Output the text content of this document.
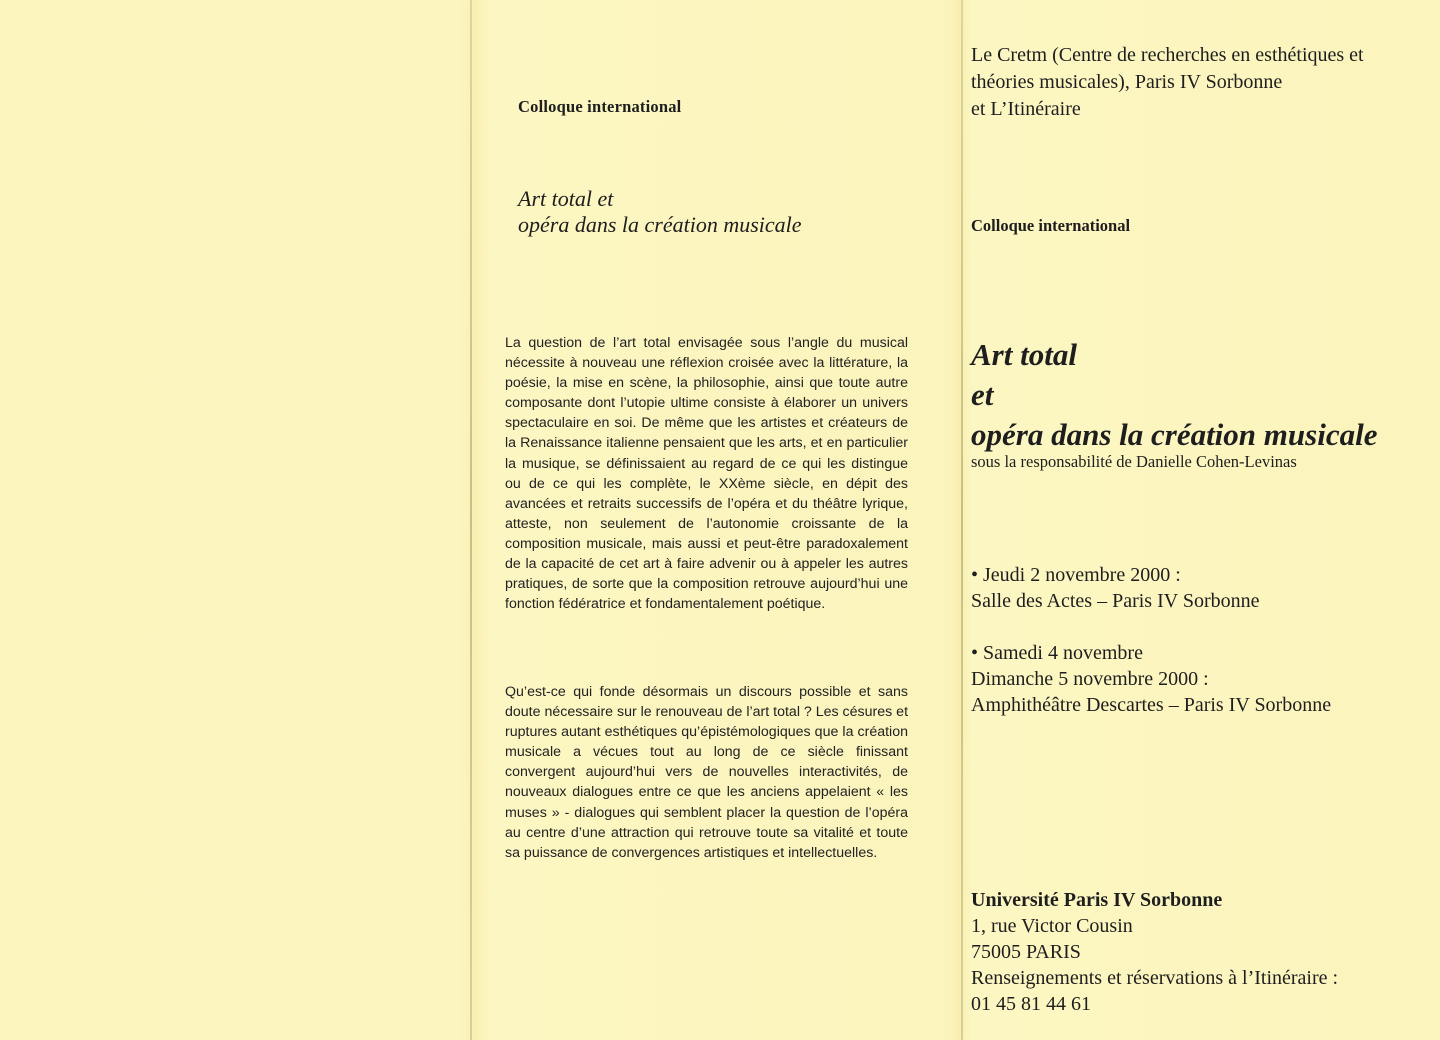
Colloque international
Art total et
opéra dans la création musicale
La question de l’art total envisagée sous l’angle du musical nécessite à nouveau une réflexion croisée avec la littérature, la poésie, la mise en scène, la philosophie, ainsi que toute autre composante dont l’utopie ultime consiste à élaborer un univers spectaculaire en soi. De même que les artistes et créateurs de la Renaissance italienne pensaient que les arts, et en particulier la musique, se définissaient au regard de ce qui les distingue ou de ce qui les complète, le XXème siècle, en dépit des avancées et retraits successifs de l’opéra et du théâtre lyrique, atteste, non seulement de l’autonomie croissante de la composition musicale, mais aussi et peut-être paradoxalement de la capacité de cet art à faire advenir ou à appeler les autres pratiques, de sorte que la composition retrouve aujourd’hui une fonction fédératrice et fondamentalement poétique.
Qu’est-ce qui fonde désormais un discours possible et sans doute nécessaire sur le renouveau de l’art total ? Les césures et ruptures autant esthétiques qu’épistémologiques que la création musicale a vécues tout au long de ce siècle finissant convergent aujourd’hui vers de nouvelles interactivités, de nouveaux dialogues entre ce que les anciens appelaient « les muses » - dialogues qui semblent placer la question de l’opéra au centre d’une attraction qui retrouve toute sa vitalité et toute sa puissance de convergences artistiques et intellectuelles.
Le Cretm (Centre de recherches en esthétiques et
théories musicales), Paris IV Sorbonne
et L’Itinéraire
Colloque international
Art total
et
opéra dans la création musicale
sous la responsabilité de Danielle Cohen-Levinas
• Jeudi 2 novembre 2000 :
Salle des Actes – Paris IV Sorbonne
• Samedi 4 novembre
Dimanche 5 novembre 2000 :
Amphithéâtre Descartes – Paris IV Sorbonne
Université Paris IV Sorbonne
1, rue Victor Cousin
75005 PARIS
Renseignements et réservations à l’Itinéraire :
01 45 81 44 61
